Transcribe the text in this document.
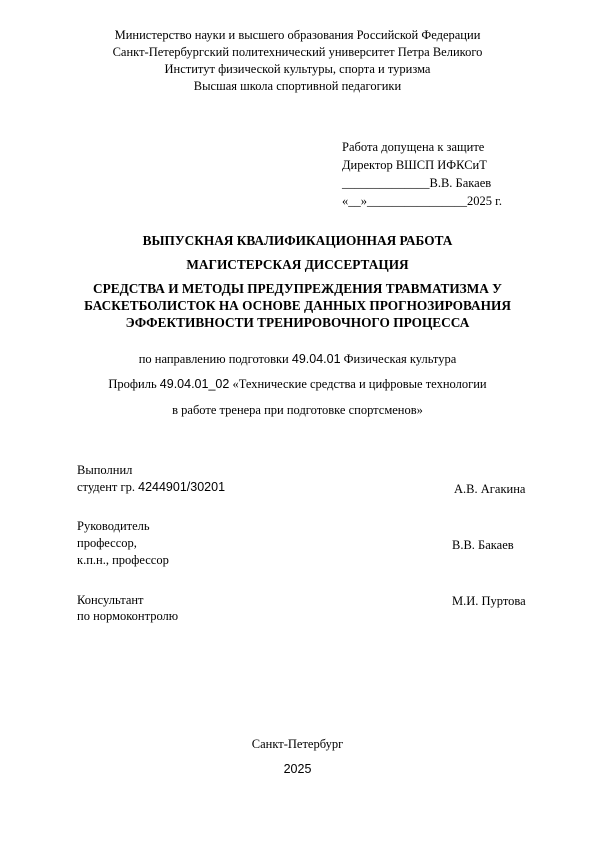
Министерство науки и высшего образования Российской Федерации
Санкт-Петербургский политехнический университет Петра Великого
Институт физической культуры, спорта и туризма
Высшая школа спортивной педагогики
Работа допущена к защите
Директор ВШСП ИФКСиТ
______________В.В. Бакаев
«__»________________2025 г.
ВЫПУСКНАЯ КВАЛИФИКАЦИОННАЯ РАБОТА
МАГИСТЕРСКАЯ ДИССЕРТАЦИЯ
СРЕДСТВА И МЕТОДЫ ПРЕДУПРЕЖДЕНИЯ ТРАВМАТИЗМА У
БАСКЕТБОЛИСТОК НА ОСНОВЕ ДАННЫХ ПРОГНОЗИРОВАНИЯ
ЭФФЕКТИВНОСТИ ТРЕНИРОВОЧНОГО ПРОЦЕССА
по направлению подготовки 49.04.01 Физическая культура
Профиль 49.04.01_02 «Технические средства и цифровые технологии
в работе тренера при подготовке спортсменов»
Выполнил
студент гр. 4244901/30201	А.В. Агакина
Руководитель
профессор,
к.п.н., профессор
В.В. Бакаев
Консультант
по нормоконтролю
М.И. Пуртова
Санкт-Петербург
2025
